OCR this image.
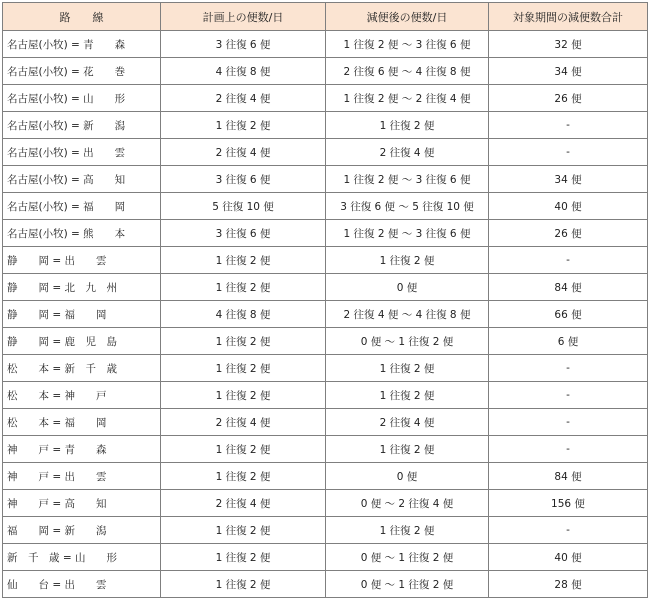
路　　線	計画上の便数/日	減便後の便数/日	対象期間の減便数合計
名古屋(小牧) = 青　　森	3 往復 6 便	1 往復 2 便 ～ 3 往復 6 便	32 便
名古屋(小牧) = 花　　巻	4 往復 8 便	2 往復 6 便 ～ 4 往復 8 便	34 便
名古屋(小牧) = 山　　形	2 往復 4 便	1 往復 2 便 ～ 2 往復 4 便	26 便
名古屋(小牧) = 新　　潟	1 往復 2 便	1 往復 2 便	-
名古屋(小牧) = 出　　雲	2 往復 4 便	2 往復 4 便	-
名古屋(小牧) = 高　　知	3 往復 6 便	1 往復 2 便 ～ 3 往復 6 便	34 便
名古屋(小牧) = 福　　岡	5 往復 10 便	3 往復 6 便 ～ 5 往復 10 便	40 便
名古屋(小牧) = 熊　　本	3 往復 6 便	1 往復 2 便 ～ 3 往復 6 便	26 便
静　　岡 = 出　　雲	1 往復 2 便	1 往復 2 便	-
静　　岡 = 北　九　州	1 往復 2 便	0 便	84 便
静　　岡 = 福　　岡	4 往復 8 便	2 往復 4 便 ～ 4 往復 8 便	66 便
静　　岡 = 鹿　児　島	1 往復 2 便	0 便 ～ 1 往復 2 便	6 便
松　　本 = 新　千　歳	1 往復 2 便	1 往復 2 便	-
松　　本 = 神　　戸	1 往復 2 便	1 往復 2 便	-
松　　本 = 福　　岡	2 往復 4 便	2 往復 4 便	-
神　　戸 = 青　　森	1 往復 2 便	1 往復 2 便	-
神　　戸 = 出　　雲	1 往復 2 便	0 便	84 便
神　　戸 = 高　　知	2 往復 4 便	0 便 ～ 2 往復 4 便	156 便
福　　岡 = 新　　潟	1 往復 2 便	1 往復 2 便	-
新　千　歳 = 山　　形	1 往復 2 便	0 便 ～ 1 往復 2 便	40 便
仙　　台 = 出　　雲	1 往復 2 便	0 便 ～ 1 往復 2 便	28 便
